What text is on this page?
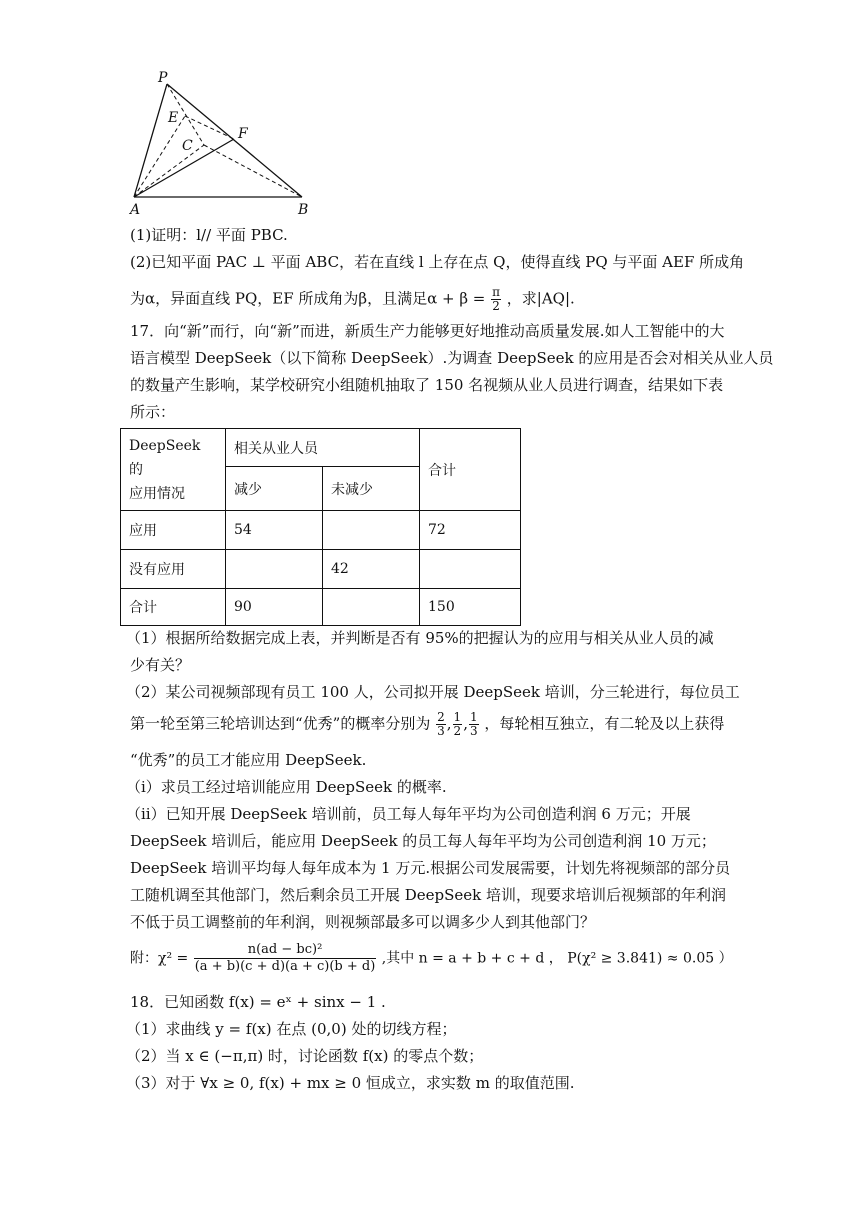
P
E
F
C
A	B
(1)证明：l// 平面 PBC.
(2)已知平面 PAC ⊥ 平面 ABC，若在直线 l 上存在点 Q，使得直线 PQ 与平面 AEF 所成角
为α，异面直线 PQ，EF 所成角为β，且满足$\alpha + \beta = \frac{\pi}{2}$ ，求|AQ|.
17．向“新”而行，向“新”而进，新质生产力能够更好地推动高质量发展.如人工智能中的大
语言模型 DeepSeek（以下简称 DeepSeek）.为调查 DeepSeek 的应用是否会对相关从业人员
的数量产生影响，某学校研究小组随机抽取了 150 名视频从业人员进行调查，结果如下表
所示：
DeepSeek 的
应用情况	相关从业人员		合计
	减少	未减少	
应用	54		72
没有应用		42	
合计	90		150
（1）根据所给数据完成上表，并判断是否有 95%的把握认为的应用与相关从业人员的减
少有关？
（2）某公司视频部现有员工 100 人，公司拟开展 DeepSeek 培训，分三轮进行，每位员工
第一轮至第三轮培训达到“优秀”的概率分别为 $\frac{2}{3}$ , $\frac{1}{2}$ , $\frac{1}{3}$ ，每轮相互独立，有二轮及以上获得
“优秀”的员工才能应用 DeepSeek.
（ⅰ）求员工经过培训能应用 DeepSeek 的概率.
（ⅱ）已知开展 DeepSeek 培训前，员工每人每年平均为公司创造利润 6 万元；开展
DeepSeek 培训后，能应用 DeepSeek 的员工每人每年平均为公司创造利润 10 万元；
DeepSeek 培训平均每人每年成本为 1 万元.根据公司发展需要，计划先将视频部的部分员
工随机调至其他部门，然后剩余员工开展 DeepSeek 培训，现要求培训后视频部的年利润
不低于员工调整前的年利润，则视频部最多可以调多少人到其他部门？
附：$\chi^2 = \frac{\text{n(ad − bc)²}}{(a + b)(c + d)(a + c)(b + d)}$ ,其中 n = a + b + c + d ， P(χ² ≥ 3.841) ≈ 0.05 ）
18．已知函数 f(x) = eˣ + sinx − 1 .
（1）求曲线 y = f(x) 在点 (0,0) 处的切线方程；
（2）当 x ∈ (−π,π) 时，讨论函数 f(x) 的零点个数；
（3）对于 ∀x ≥ 0, f(x) + mx ≥ 0 恒成立，求实数 m 的取值范围.
